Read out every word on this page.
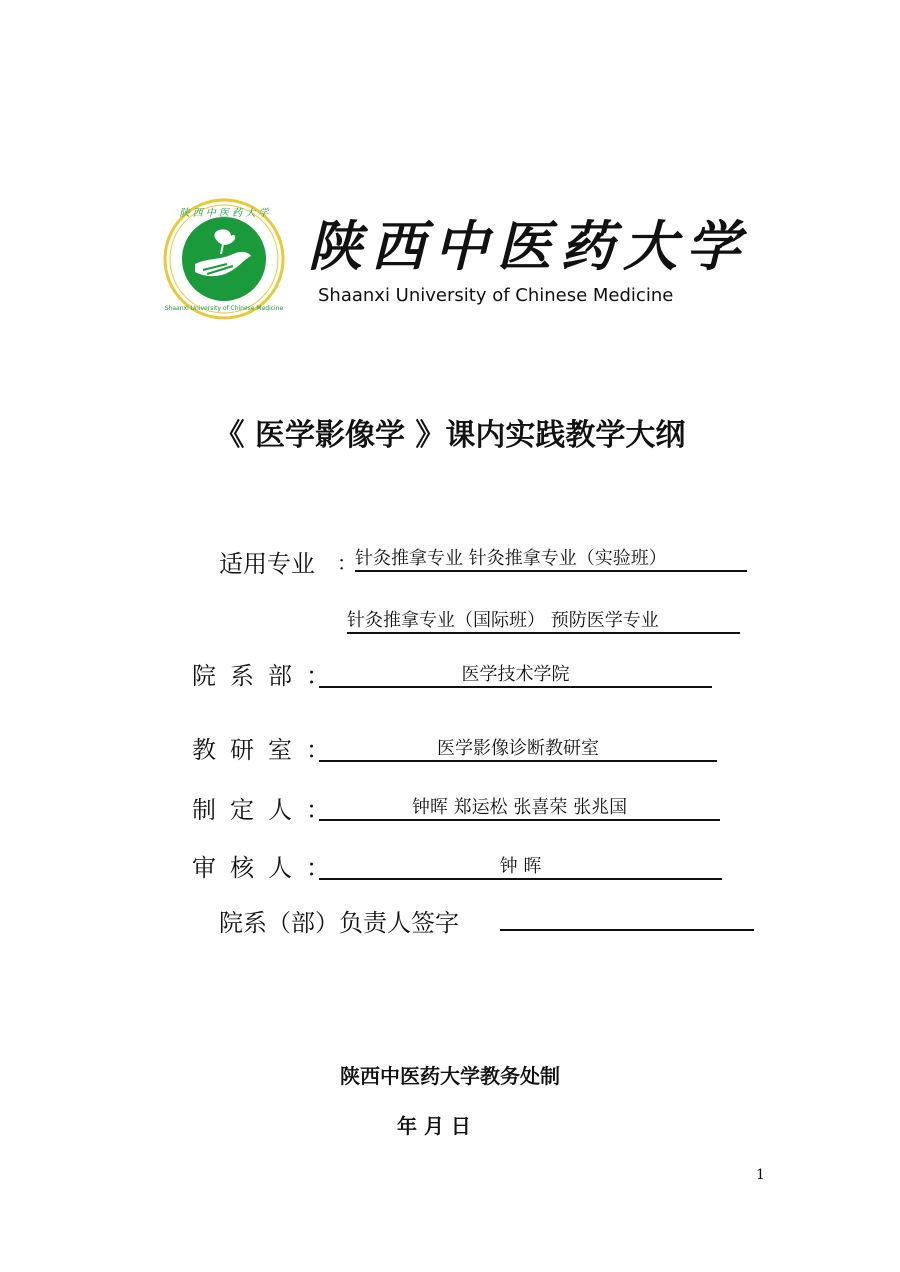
陕 西 中 医 药 大 学
Shaanxi University of Chinese Medicine
陕西中医药大学
Shaanxi University of Chinese Medicine
《 医学影像学 》课内实践教学大纲
适用专业 ：
针灸推拿专业 针灸推拿专业（实验班）
针灸推拿专业（国际班） 预防医学专业
院系部：	医学技术学院
教研室：	医学影像诊断教研室
制定人：	钟晖 郑运松 张喜荣 张兆国
审核人：	钟 晖
院系（部）负责人签字
陕西中医药大学教务处制
年 月 日
1
